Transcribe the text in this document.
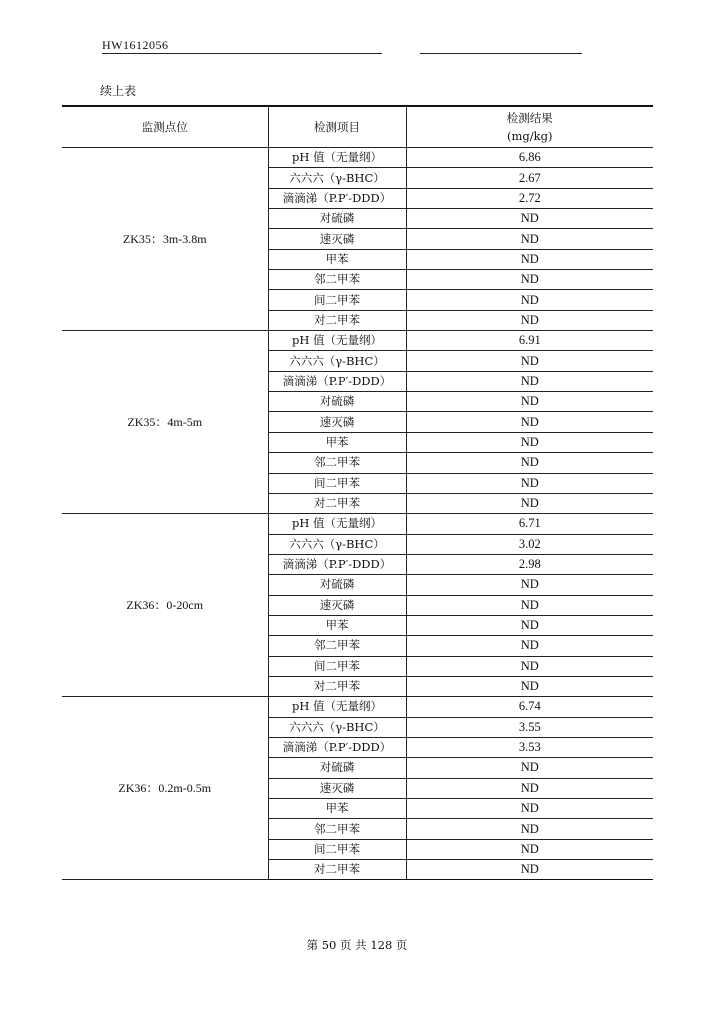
HW1612056
续上表
监测点位	检测项目	检测结果
(mg/kg)
ZK35：3m-3.8m	pH 值（无量纲）	6.86
	六六六（γ-BHC）	2.67
	滴滴涕（P.P′-DDD）	2.72
	对硫磷	ND
	速灭磷	ND
	甲苯	ND
	邻二甲苯	ND
	间二甲苯	ND
	对二甲苯	ND
ZK35：4m-5m	pH 值（无量纲）	6.91
	六六六（γ-BHC）	ND
	滴滴涕（P.P′-DDD）	ND
	对硫磷	ND
	速灭磷	ND
	甲苯	ND
	邻二甲苯	ND
	间二甲苯	ND
	对二甲苯	ND
ZK36：0-20cm	pH 值（无量纲）	6.71
	六六六（γ-BHC）	3.02
	滴滴涕（P.P′-DDD）	2.98
	对硫磷	ND
	速灭磷	ND
	甲苯	ND
	邻二甲苯	ND
	间二甲苯	ND
	对二甲苯	ND
ZK36：0.2m-0.5m	pH 值（无量纲）	6.74
	六六六（γ-BHC）	3.55
	滴滴涕（P.P′-DDD）	3.53
	对硫磷	ND
	速灭磷	ND
	甲苯	ND
	邻二甲苯	ND
	间二甲苯	ND
	对二甲苯	ND
第 50 页 共 128 页
